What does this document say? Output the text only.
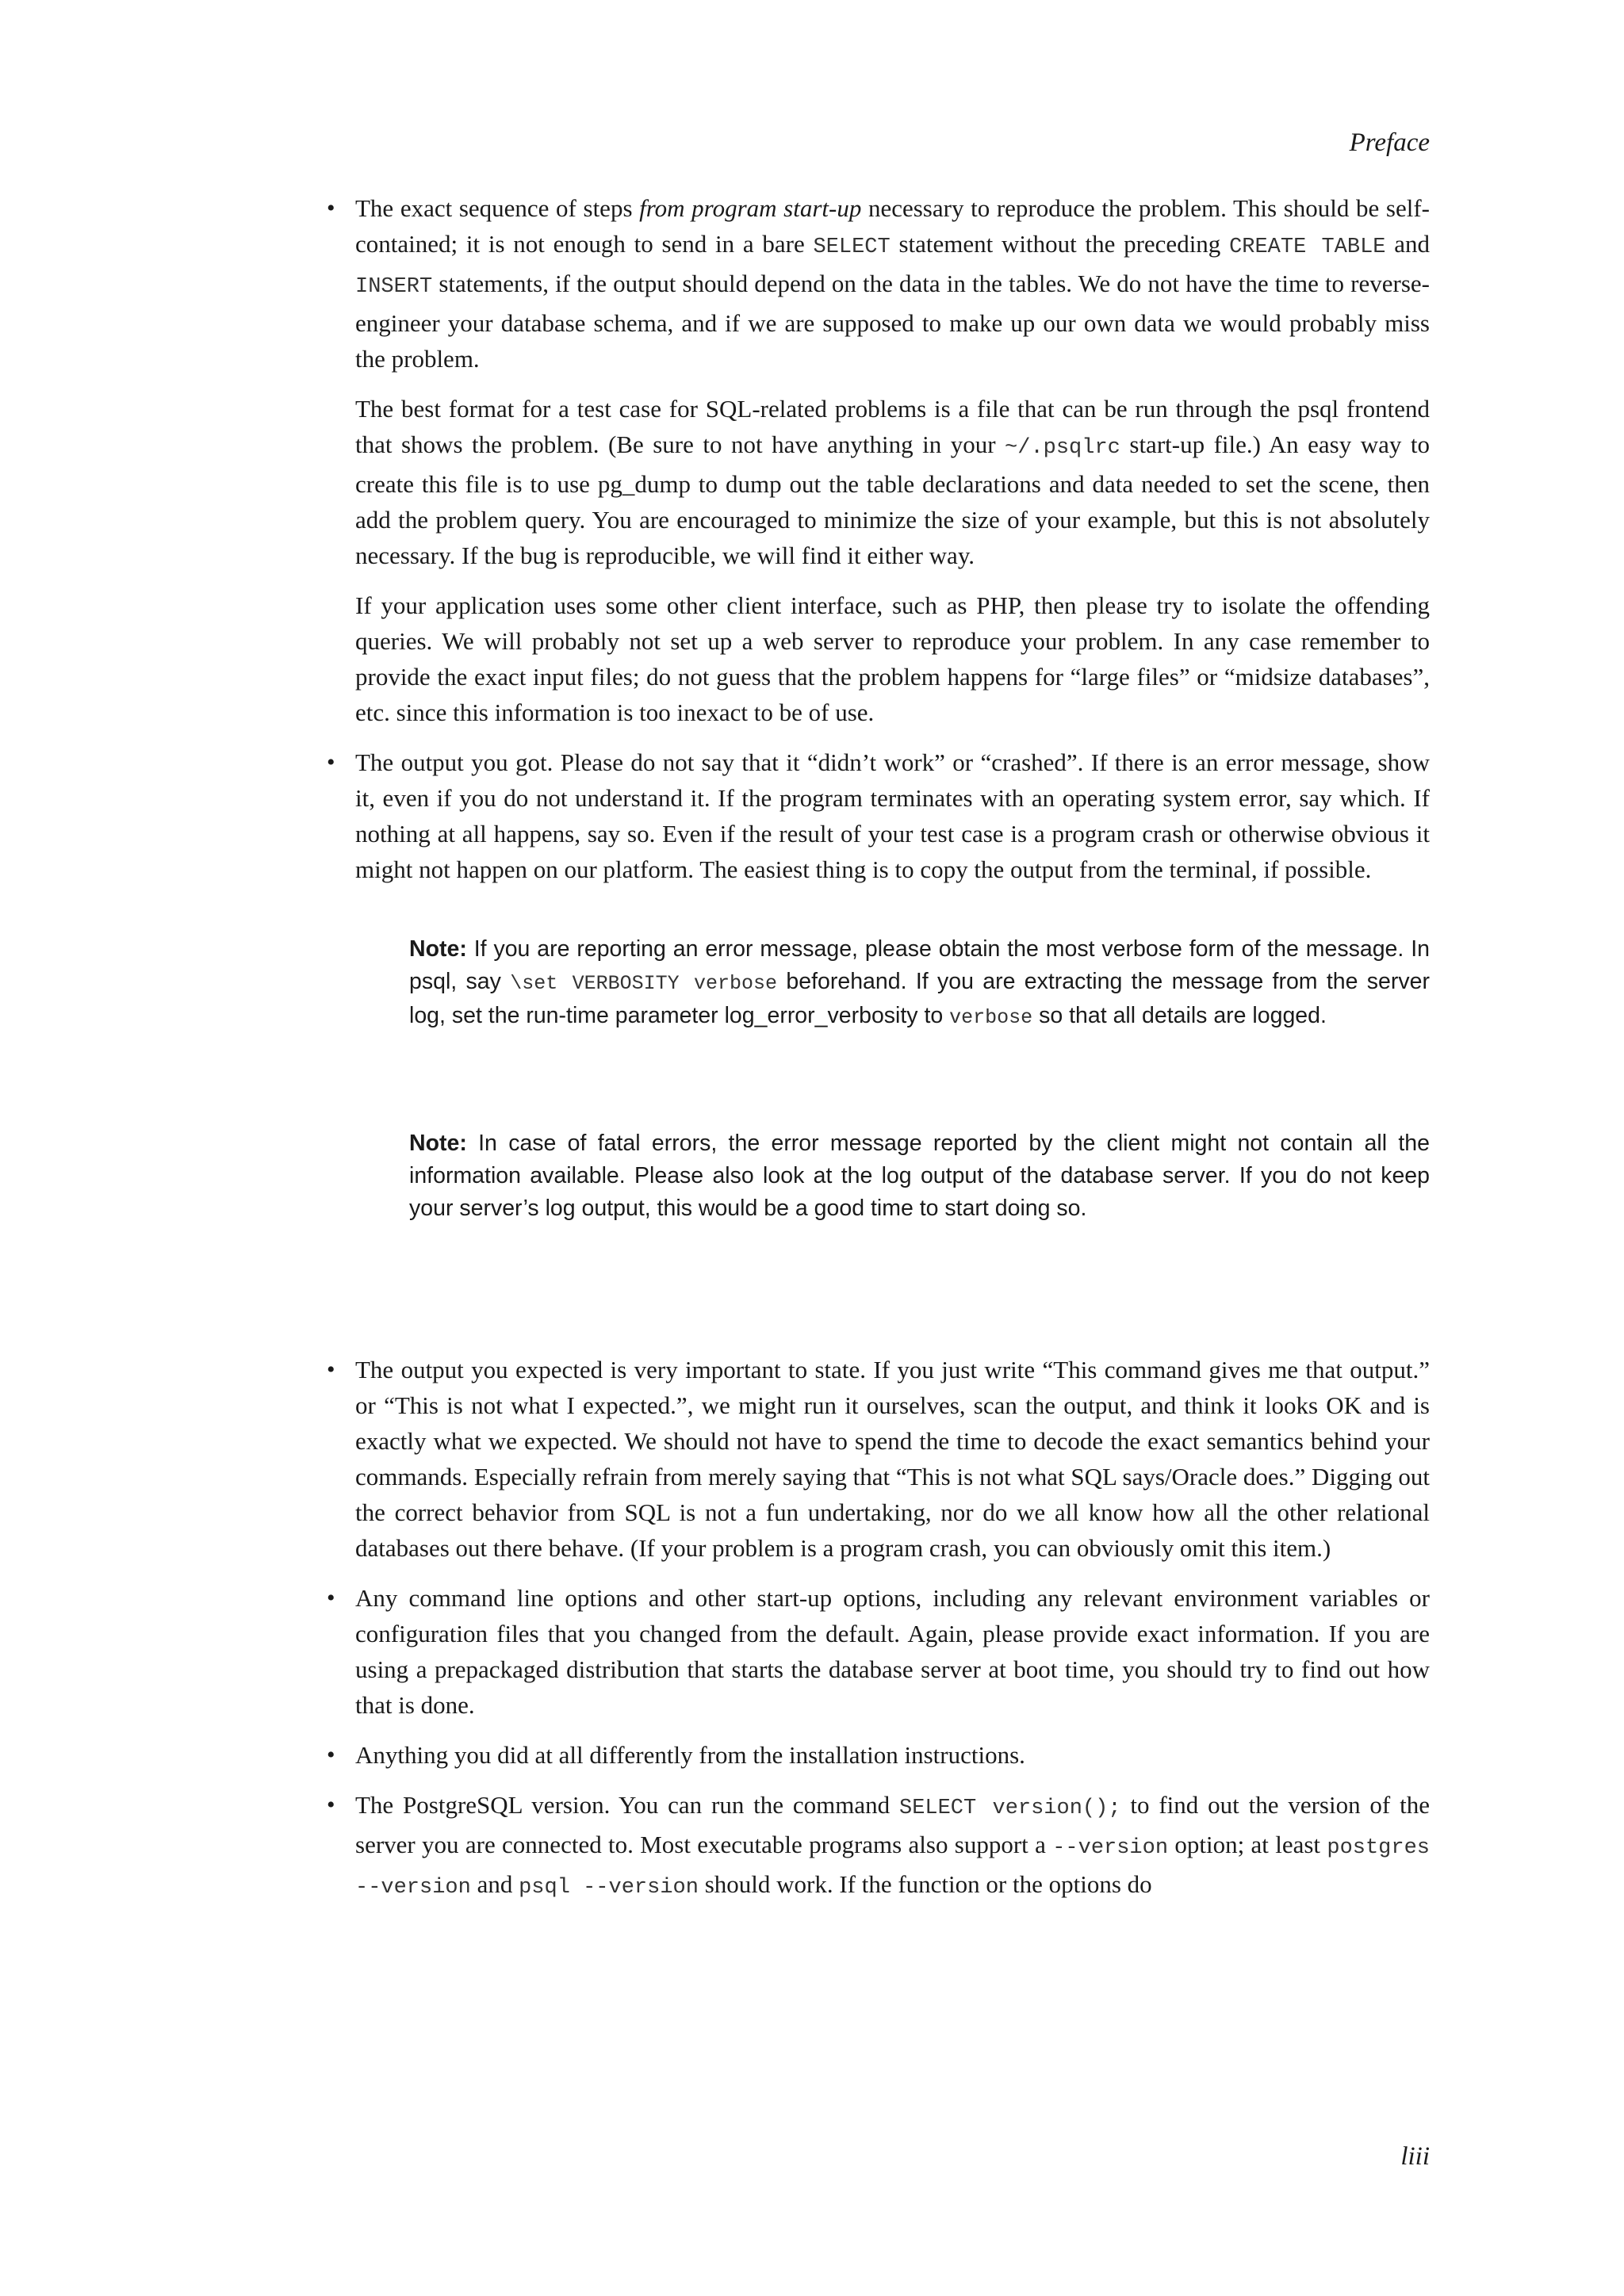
Preface
• The exact sequence of steps from program start-up necessary to reproduce the problem. This should be self-contained; it is not enough to send in a bare SELECT statement without the preceding CREATE TABLE and INSERT statements, if the output should depend on the data in the tables. We do not have the time to reverse-engineer your database schema, and if we are supposed to make up our own data we would probably miss the problem.

The best format for a test case for SQL-related problems is a file that can be run through the psql frontend that shows the problem. (Be sure to not have anything in your ~/.psqlrc start-up file.) An easy way to create this file is to use pg_dump to dump out the table declarations and data needed to set the scene, then add the problem query. You are encouraged to minimize the size of your example, but this is not absolutely necessary. If the bug is reproducible, we will find it either way.

If your application uses some other client interface, such as PHP, then please try to isolate the offending queries. We will probably not set up a web server to reproduce your problem. In any case remember to provide the exact input files; do not guess that the problem happens for “large files” or “midsize databases”, etc. since this information is too inexact to be of use.

• The output you got. Please do not say that it “didn’t work” or “crashed”. If there is an error message, show it, even if you do not understand it. If the program terminates with an operating system error, say which. If nothing at all happens, say so. Even if the result of your test case is a program crash or otherwise obvious it might not happen on our platform. The easiest thing is to copy the output from the terminal, if possible.

Note: If you are reporting an error message, please obtain the most verbose form of the message. In psql, say \set VERBOSITY verbose beforehand. If you are extracting the message from the server log, set the run-time parameter log_error_verbosity to verbose so that all details are logged.
Note: In case of fatal errors, the error message reported by the client might not contain all the information available. Please also look at the log output of the database server. If you do not keep your server’s log output, this would be a good time to start doing so.
• The output you expected is very important to state. If you just write “This command gives me that output.” or “This is not what I expected.”, we might run it ourselves, scan the output, and think it looks OK and is exactly what we expected. We should not have to spend the time to decode the exact semantics behind your commands. Especially refrain from merely saying that “This is not what SQL says/Oracle does.” Digging out the correct behavior from SQL is not a fun undertaking, nor do we all know how all the other relational databases out there behave. (If your problem is a program crash, you can obviously omit this item.)

• Any command line options and other start-up options, including any relevant environment variables or configuration files that you changed from the default. Again, please provide exact information. If you are using a prepackaged distribution that starts the database server at boot time, you should try to find out how that is done.

• Anything you did at all differently from the installation instructions.

• The PostgreSQL version. You can run the command SELECT version(); to find out the version of the server you are connected to. Most executable programs also support a --version option; at least postgres --version and psql --version should work. If the function or the options do

liii
